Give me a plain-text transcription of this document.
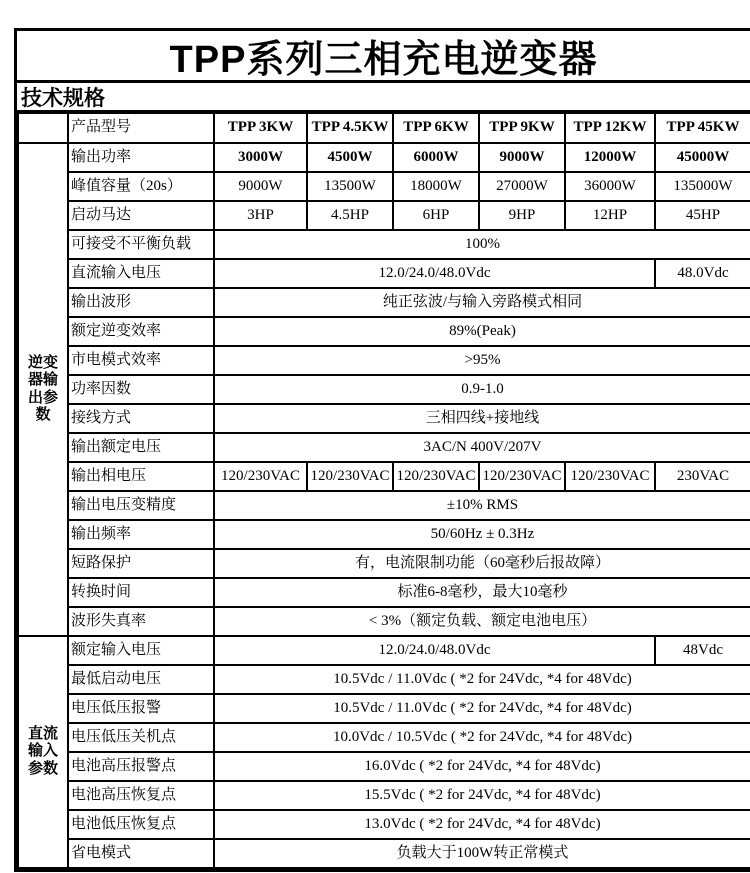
TPP系列三相充电逆变器
技术规格
	产品型号	TPP 3KW	TPP 4.5KW	TPP 6KW	TPP 9KW	TPP 12KW	TPP 45KW
逆变器输出参数	输出功率	3000W	4500W	6000W	9000W	12000W	45000W
	峰值容量（20s）	9000W	13500W	18000W	27000W	36000W	135000W
	启动马达	3HP	4.5HP	6HP	9HP	12HP	45HP
	可接受不平衡负载	100%					
	直流输入电压	12.0/24.0/48.0Vdc					48.0Vdc
	输出波形	纯正弦波/与输入旁路模式相同					
	额定逆变效率	89%(Peak)					
	市电模式效率	>95%					
	功率因数	0.9-1.0					
	接线方式	三相四线+接地线					
	输出额定电压	3AC/N 400V/207V					
	输出相电压	120/230VAC	120/230VAC	120/230VAC	120/230VAC	120/230VAC	230VAC
	输出电压变精度	±10% RMS					
	输出频率	50/60Hz ± 0.3Hz					
	短路保护	有，电流限制功能（60毫秒后报故障）					
	转换时间	标准6-8毫秒，最大10毫秒					
	波形失真率	< 3%（额定负载、额定电池电压）					
直流输入参数	额定输入电压	12.0/24.0/48.0Vdc					48Vdc
	最低启动电压	10.5Vdc / 11.0Vdc ( *2 for 24Vdc, *4 for 48Vdc)					
	电压低压报警	10.5Vdc / 11.0Vdc ( *2 for 24Vdc, *4 for 48Vdc)					
	电压低压关机点	10.0Vdc / 10.5Vdc ( *2 for 24Vdc, *4 for 48Vdc)					
	电池高压报警点	16.0Vdc ( *2 for 24Vdc, *4 for 48Vdc)					
	电池高压恢复点	15.5Vdc ( *2 for 24Vdc, *4 for 48Vdc)					
	电池低压恢复点	13.0Vdc ( *2 for 24Vdc, *4 for 48Vdc)					
	省电模式	负载大于100W转正常模式					
